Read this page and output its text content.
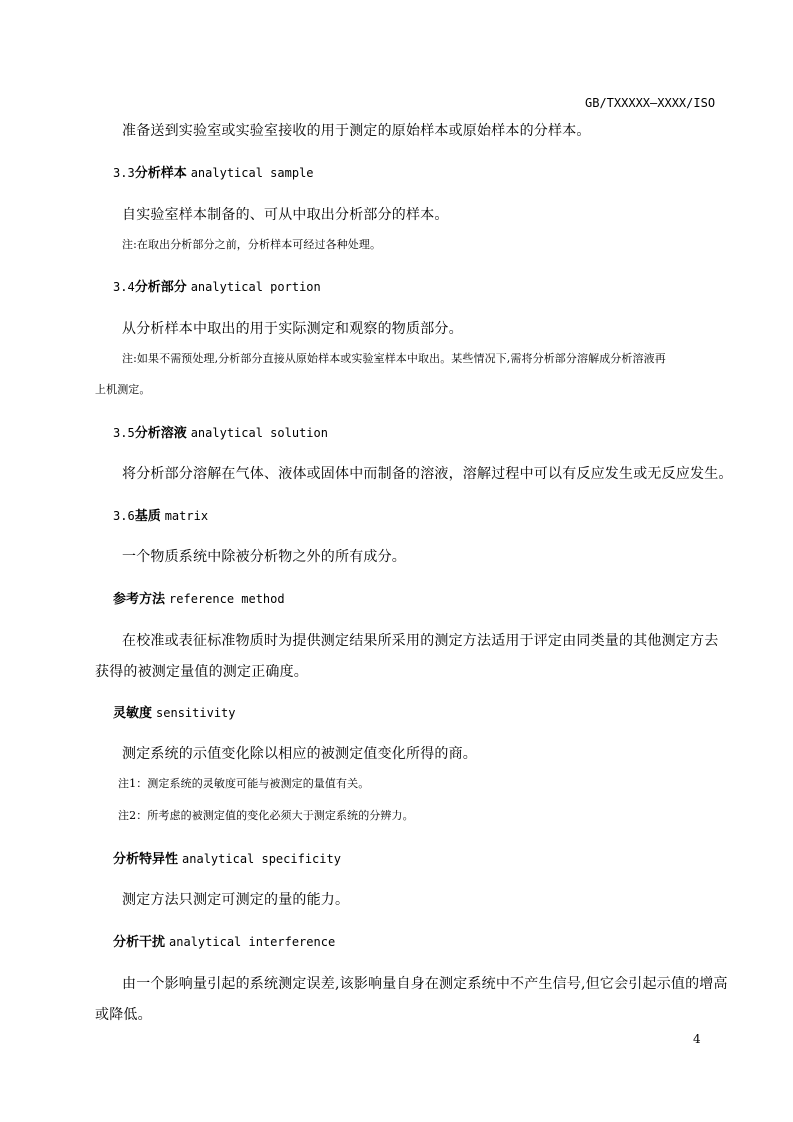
GB/TXXXXX—XXXX/ISO
准备送到实验室或实验室接收的用于测定的原始样本或原始样本的分样本。
3.3分析样本 analytical sample
自实验室样本制备的、可从中取出分析部分的样本。
注:在取出分析部分之前，分析样本可经过各种处理。
3.4分析部分 analytical portion
从分析样本中取出的用于实际测定和观察的物质部分。
注:如果不需预处理,分析部分直接从原始样本或实验室样本中取出。某些情况下,需将分析部分溶解成分析溶液再
上机测定。
3.5分析溶液 analytical solution
将分析部分溶解在气体、液体或固体中而制备的溶液，溶解过程中可以有反应发生或无反应发生。
3.6基质 matrix
一个物质系统中除被分析物之外的所有成分。
参考方法 reference method
在校准或表征标准物质时为提供测定结果所采用的测定方法适用于评定由同类量的其他测定方去
获得的被测定量值的测定正确度。
灵敏度 sensitivity
测定系统的示值变化除以相应的被测定值变化所得的商。
注1：测定系统的灵敏度可能与被测定的量值有关。
注2：所考虑的被测定值的变化必须大于测定系统的分辨力。
分析特异性 analytical specificity
测定方法只测定可测定的量的能力。
分析干扰 analytical interference
由一个影响量引起的系统测定误差,该影响量自身在测定系统中不产生信号,但它会引起示值的增高
或降低。
4
